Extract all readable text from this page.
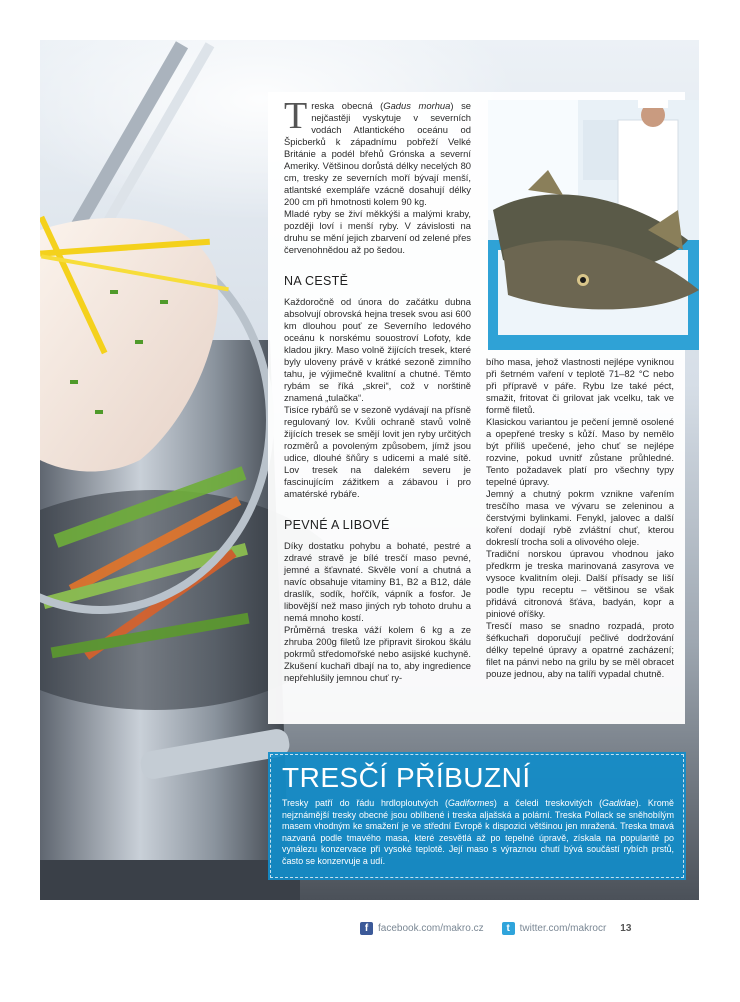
Treska obecná (Gadus morhua) se nejčastěji vyskytuje v severních vodách Atlantického oceánu od Špicberků k západnímu pobřeží Velké Británie a podél břehů Grónska a severní Ameriky. Většinou dorůstá délky necelých 80 cm, tresky ze severních moří bývají menší, atlantské exempláře vzácně dosahují délky 200 cm při hmotnosti kolem 90 kg.

Mladé ryby se živí měkkýši a malými kraby, později loví i menší ryby. V závislosti na druhu se mění jejich zbarvení od zelené přes červenohnědou až po šedou.

NA CESTĚ

Každoročně od února do začátku dubna absolvují obrovská hejna tresek svou asi 600 km dlouhou pouť ze Severního ledového oceánu k norskému souostroví Lofoty, kde kladou jikry. Maso volně žijících tresek, které byly uloveny právě v krátké sezoně zimního tahu, je výjimečně kvalitní a chutné. Těmto rybám se říká „skrei“, což v norštině znamená „tulačka“.

Tisíce rybářů se v sezoně vydávají na přísně regulovaný lov. Kvůli ochraně stavů volně žijících tresek se smějí lovit jen ryby určitých rozměrů a povoleným způsobem, jímž jsou udice, dlouhé šňůry s udicemi a malé sítě. Lov tresek na dalekém severu je fascinujícím zážitkem a zábavou i pro amatérské rybáře.

PEVNÉ A LIBOVÉ

Díky dostatku pohybu a bohaté, pestré a zdravé stravě je bílé tresčí maso pevné, jemné a šťavnaté. Skvěle voní a chutná a navíc obsahuje vitaminy B1, B2 a B12, dále draslík, sodík, hořčík, vápník a fosfor. Je libovější než maso jiných ryb tohoto druhu a nemá mnoho kostí.

Průměrná treska váží kolem 6 kg a ze zhruba 200g filetů lze připravit širokou škálu pokrmů středomořské nebo asijské kuchyně. Zkušení kuchaři dbají na to, aby ingredience nepřehlušily jemnou chuť ry-

bího masa, jehož vlastnosti nejlépe vyniknou při šetrném vaření v teplotě 71–82 °C nebo při přípravě v páře. Rybu lze také péct, smažit, fritovat či grilovat jak vcelku, tak ve formě filetů.

Klasickou variantou je pečení jemně osolené a opepřené tresky s kůží. Maso by nemělo být příliš upečené, jeho chuť se nejlépe rozvine, pokud uvnitř zůstane průhledné. Tento požadavek platí pro všechny typy tepelné úpravy.

Jemný a chutný pokrm vznikne vařením tresčího masa ve vývaru se zeleninou a čerstvými bylinkami. Fenykl, jalovec a další koření dodají rybě zvláštní chuť, kterou dokreslí trocha soli a olivového oleje.

Tradiční norskou úpravou vhodnou jako předkrm je treska marinovaná zasyrova ve vysoce kvalitním oleji. Další přísady se liší podle typu receptu – většinou se však přidává citronová šťáva, badyán, kopr a piniové oříšky.

Tresčí maso se snadno rozpadá, proto šéfkuchaři doporučují pečlivé dodržování délky tepelné úpravy a opatrné zacházení; filet na pánvi nebo na grilu by se měl obracet pouze jednou, aby na talíři vypadal chutně.

TRESČÍ PŘÍBUZNÍ
Tresky patří do řádu hrdloploutvých (Gadiformes) a čeledi treskovitých (Gadidae). Kromě nejznámější tresky obecné jsou oblíbené i treska aljašská a polární. Treska Pollack se sněhobílým masem vhodným ke smažení je ve střední Evropě k dispozici většinou jen mražená. Treska tmavá nazvaná podle tmavého masa, které zesvětlá až po tepelné úpravě, získala na popularitě po vynálezu konzervace při vysoké teplotě. Její maso s výraznou chutí bývá součástí rybích prstů, často se konzervuje a udí.
f facebook.com/makro.cz	t twitter.com/makrocr 13
